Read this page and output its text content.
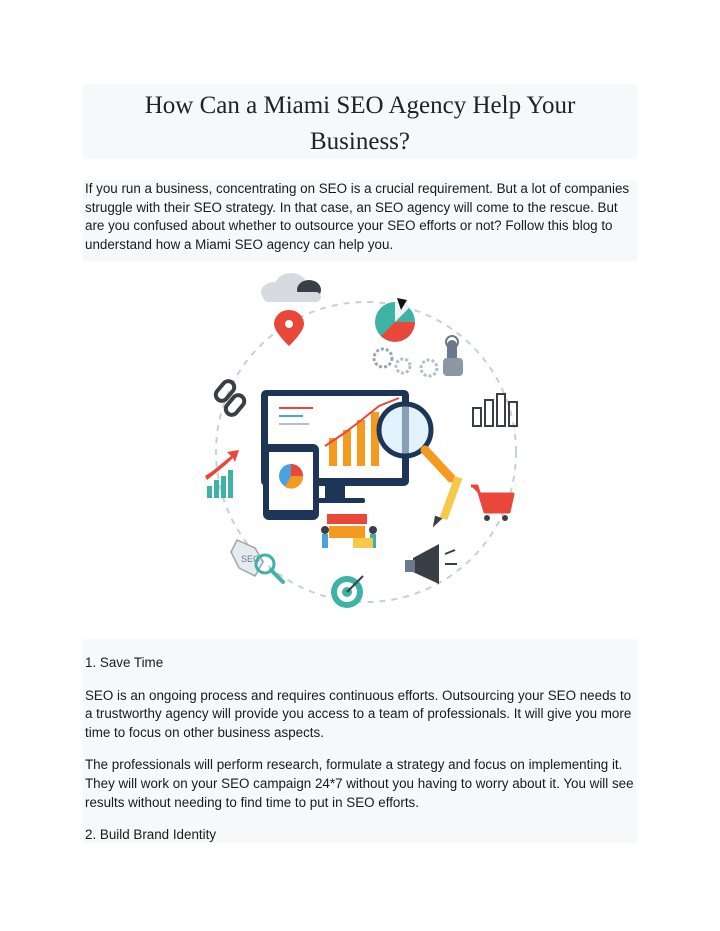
How Can a Miami SEO Agency Help Your
Business?
If you run a business, concentrating on SEO is a crucial requirement. But a lot of companies struggle with their SEO strategy. In that case, an SEO agency will come to the rescue. But are you confused about whether to outsource your SEO efforts or not? Follow this blog to understand how a Miami SEO agency can help you.
SEO

1. Save Time

SEO is an ongoing process and requires continuous efforts. Outsourcing your SEO needs to a trustworthy agency will provide you access to a team of professionals. It will give you more time to focus on other business aspects.

The professionals will perform research, formulate a strategy and focus on implementing it. They will work on your SEO campaign 24*7 without you having to worry about it. You will see results without needing to find time to put in SEO efforts.

2. Build Brand Identity
